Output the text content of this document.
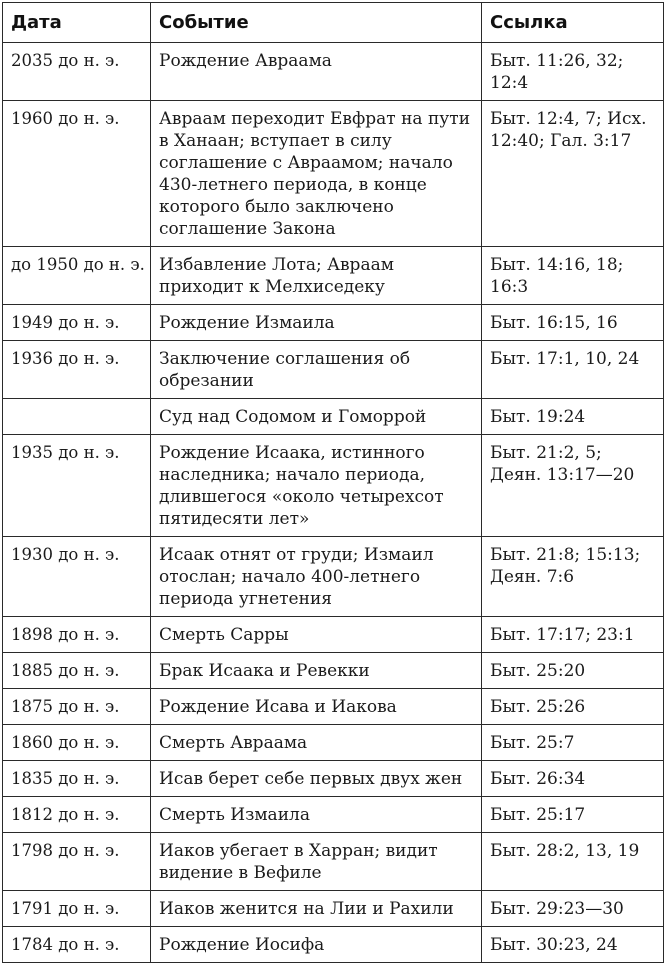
Дата	Событие	Ссылка
2035 до н. э.	Рождение Авраама	Быт. 11:26, 32; 12:4
1960 до н. э.	Авраам переходит Евфрат на пути в Ханаан; вступает в силу соглашение с Авраамом; начало 430-летнего периода, в конце которого было заключено соглашение Закона	Быт. 12:4, 7; Исх. 12:40; Гал. 3:17
до 1950 до н. э.	Избавление Лота; Авраам приходит к Мелхиседеку	Быт. 14:16, 18; 16:3
1949 до н. э.	Рождение Измаила	Быт. 16:15, 16
1936 до н. э.	Заключение соглашения об обрезании	Быт. 17:1, 10, 24
	Суд над Содомом и Гоморрой	Быт. 19:24
1935 до н. э.	Рождение Исаака, истинного наследника; начало периода, длившегося «около четырехсот пятидесяти лет»	Быт. 21:2, 5; Деян. 13:17—20
1930 до н. э.	Исаак отнят от груди; Измаил отослан; начало 400-летнего периода угнетения	Быт. 21:8; 15:13; Деян. 7:6
1898 до н. э.	Смерть Сарры	Быт. 17:17; 23:1
1885 до н. э.	Брак Исаака и Ревекки	Быт. 25:20
1875 до н. э.	Рождение Исава и Иакова	Быт. 25:26
1860 до н. э.	Смерть Авраама	Быт. 25:7
1835 до н. э.	Исав берет себе первых двух жен	Быт. 26:34
1812 до н. э.	Смерть Измаила	Быт. 25:17
1798 до н. э.	Иаков убегает в Харран; видит видение в Вефиле	Быт. 28:2, 13, 19
1791 до н. э.	Иаков женится на Лии и Рахили	Быт. 29:23—30
1784 до н. э.	Рождение Иосифа	Быт. 30:23, 24
